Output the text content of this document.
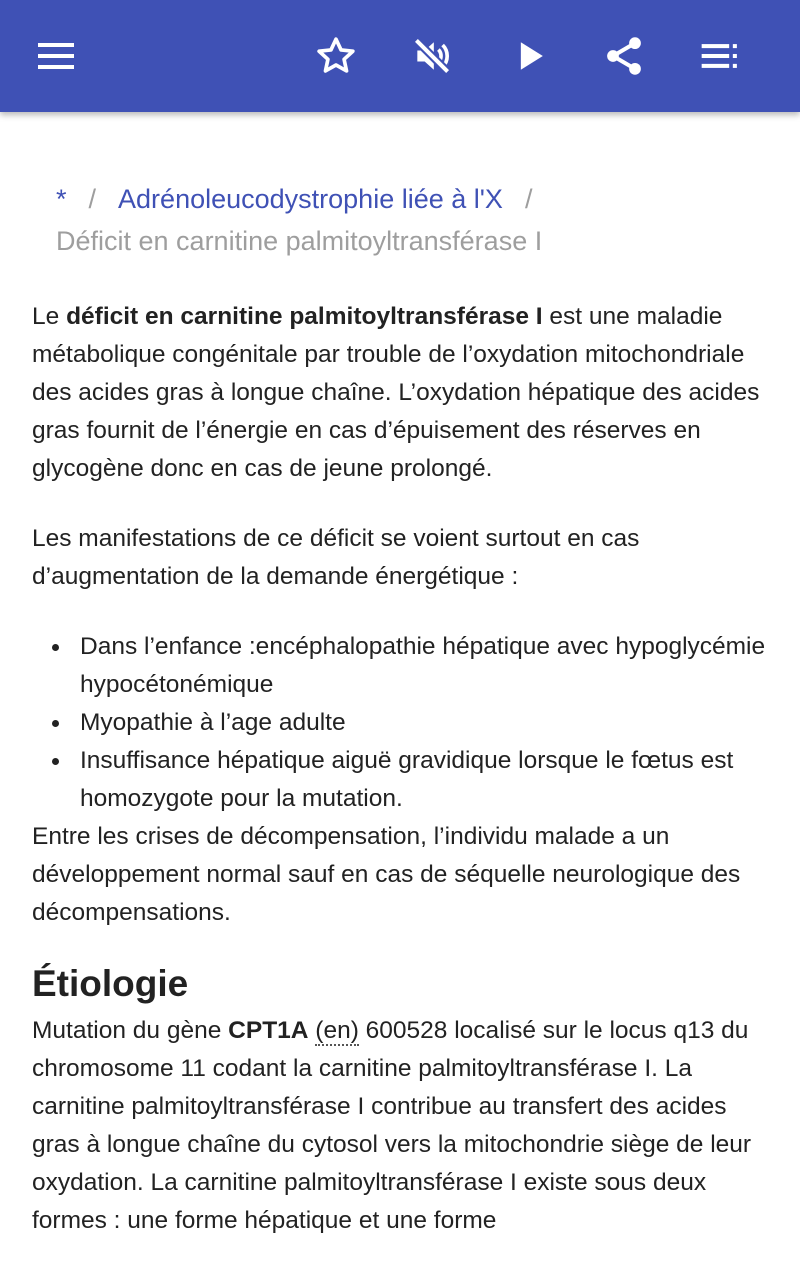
* / Adrénoleucodystrophie liée à l'X /
Déficit en carnitine palmitoyltransférase I

Le déficit en carnitine palmitoyltransférase I est une maladie métabolique congénitale par trouble de l’oxydation mitochondriale des acides gras à longue chaîne. L’oxydation hépatique des acides gras fournit de l’énergie en cas d’épuisement des réserves en glycogène donc en cas de jeune prolongé.

Les manifestations de ce déficit se voient surtout en cas d’augmentation de la demande énergétique :

Dans l’enfance :encéphalopathie hépatique avec hypoglycémie hypocétonémique
Myopathie à l’age adulte
Insuffisance hépatique aiguë gravidique lorsque le fœtus est homozygote pour la mutation.

Entre les crises de décompensation, l’individu malade a un développement normal sauf en cas de séquelle neurologique des décompensations.

Étiologie

Mutation du gène CPT1A (en) 600528 localisé sur le locus q13 du chromosome 11 codant la carnitine palmitoyltransférase I. La carnitine palmitoyltransférase I contribue au transfert des acides gras à longue chaîne du cytosol vers la mitochondrie siège de leur oxydation. La carnitine palmitoyltransférase I existe sous deux formes : une forme hépatique et une forme
